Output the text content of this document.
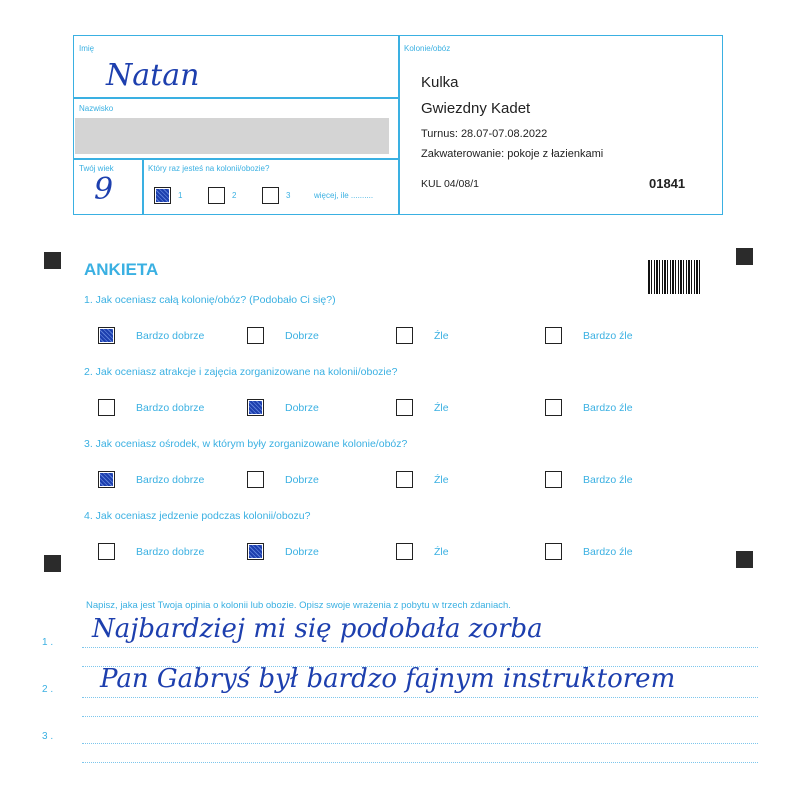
Imię
Natan
Nazwisko
Twój wiek
9
Który raz jesteś na kolonii/obozie?
1	2	3	więcej, ile ..........
Kolonie/obóz
Kulka
Gwiezdny Kadet
Turnus: 28.07-07.08.2022
Zakwaterowanie: pokoje z łazienkami
KUL 04/08/1	01841
ANKIETA
1. Jak oceniasz całą kolonię/obóz? (Podobało Ci się?)
Bardzo dobrze	Dobrze	Źle	Bardzo źle
2. Jak oceniasz atrakcje i zajęcia zorganizowane na kolonii/obozie?
Bardzo dobrze	Dobrze	Źle	Bardzo źle
3. Jak oceniasz ośrodek, w którym były zorganizowane kolonie/obóz?
Bardzo dobrze	Dobrze	Źle	Bardzo źle
4. Jak oceniasz jedzenie podczas kolonii/obozu?
Bardzo dobrze	Dobrze	Źle	Bardzo źle
Napisz, jaka jest Twoja opinia o kolonii lub obozie. Opisz swoje wrażenia z pobytu w trzech zdaniach.
1 . Najbardziej mi się podobała zorba
2 . Pan Gabryś był bardzo fajnym instruktorem
3 .
